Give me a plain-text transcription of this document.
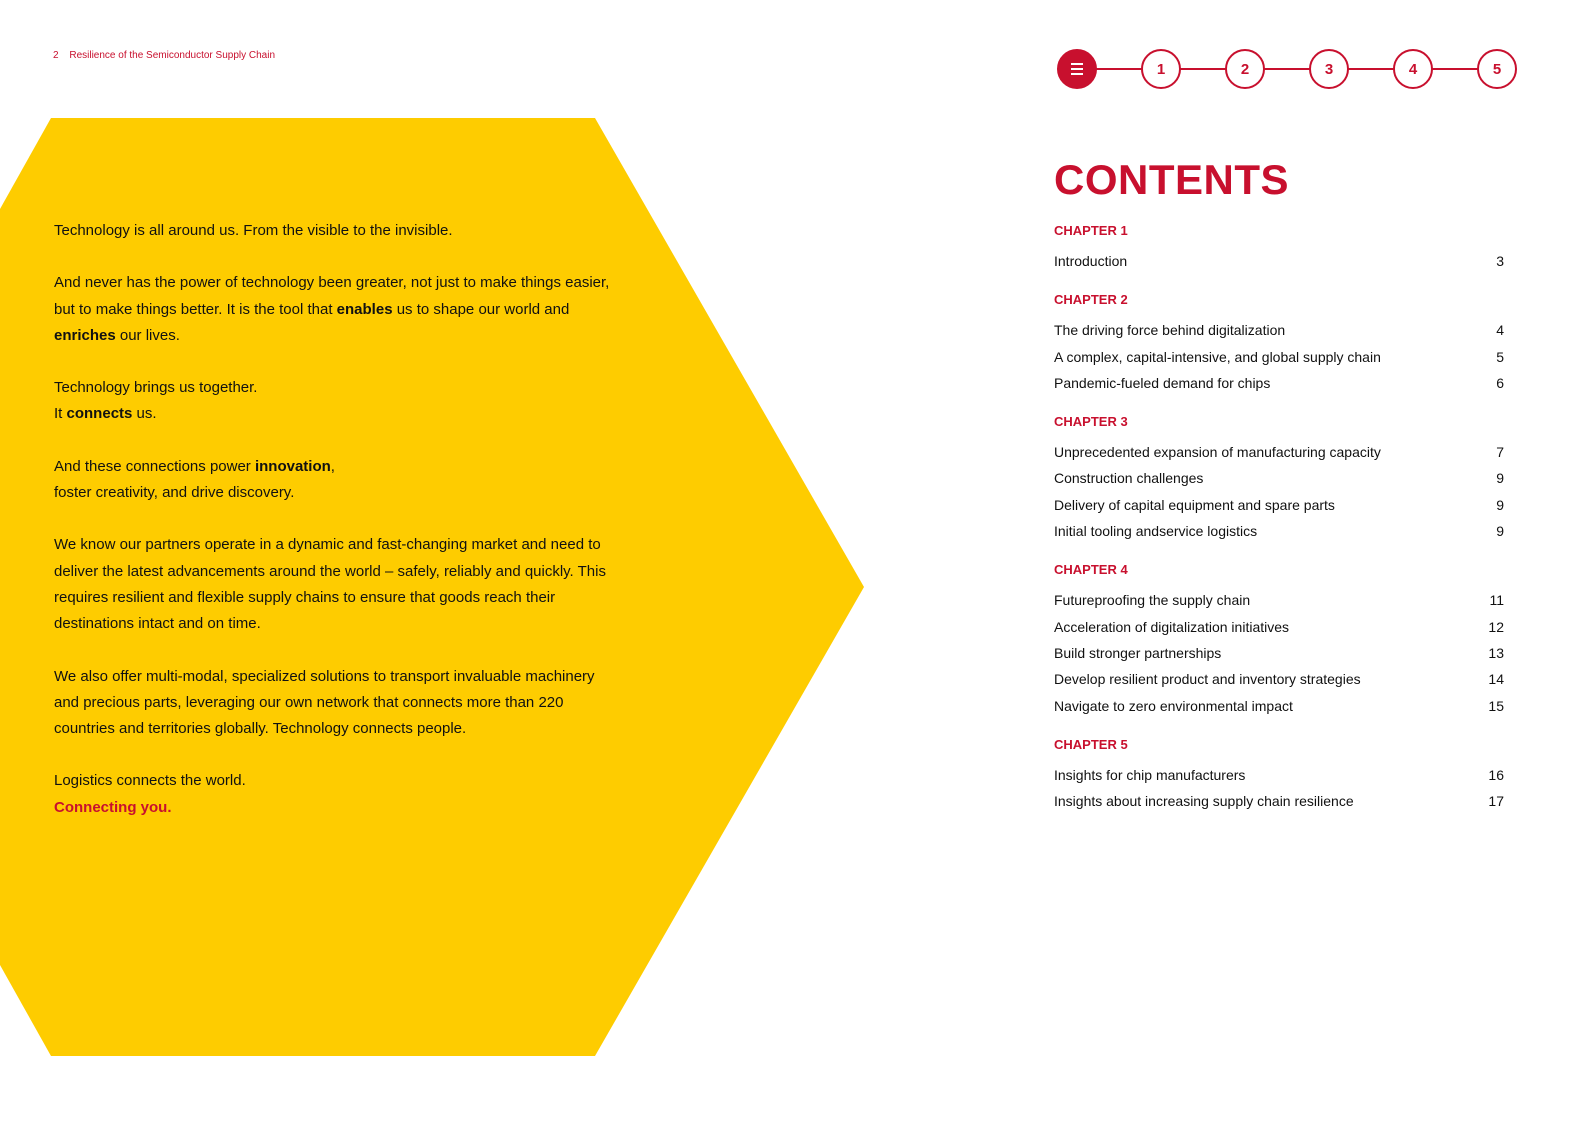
2 Resilience of the Semiconductor Supply Chain
1	2	3	4	5

Technology is all around us. From the visible to the invisible.

And never has the power of technology been greater, not just to make things easier, but to make things better. It is the tool that enables us to shape our world and enriches our lives.

Technology brings us together.
It connects us.

And these connections power innovation,
foster creativity, and drive discovery.

We know our partners operate in a dynamic and fast-changing market and need to deliver the latest advancements around the world – safely, reliably and quickly. This requires resilient and flexible supply chains to ensure that goods reach their destinations intact and on time.

We also offer multi-modal, specialized solutions to transport invaluable machinery and precious parts, leveraging our own network that connects more than 220 countries and territories globally. Technology connects people.

Logistics connects the world.
Connecting you.

CONTENTS
CHAPTER 1
Introduction	3
CHAPTER 2
The driving force behind digitalization	4
A complex, capital-intensive, and global supply chain	5
Pandemic-fueled demand for chips	6
CHAPTER 3
Unprecedented expansion of manufacturing capacity	7
Construction challenges	9
Delivery of capital equipment and spare parts	9
Initial tooling andservice logistics	9
CHAPTER 4
Futureproofing the supply chain	11
Acceleration of digitalization initiatives	12
Build stronger partnerships	13
Develop resilient product and inventory strategies	14
Navigate to zero environmental impact	15
CHAPTER 5
Insights for chip manufacturers	16
Insights about increasing supply chain resilience	17
